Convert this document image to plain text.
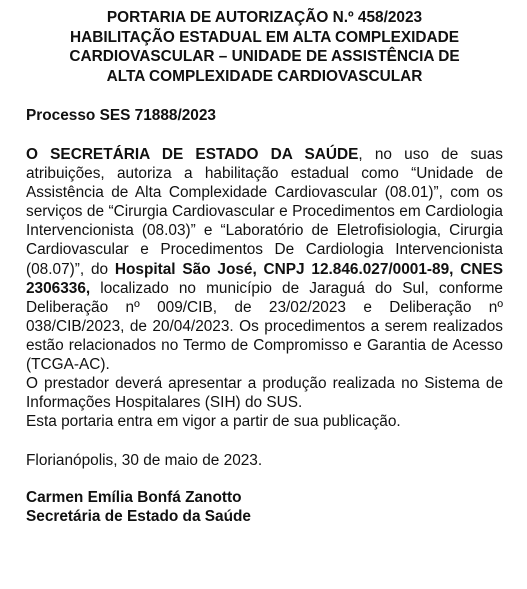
PORTARIA DE AUTORIZAÇÃO N.º 458/2023
HABILITAÇÃO ESTADUAL EM ALTA COMPLEXIDADE
CARDIOVASCULAR – UNIDADE DE ASSISTÊNCIA DE
ALTA COMPLEXIDADE CARDIOVASCULAR
Processo SES 71888/2023

O SECRETÁRIA DE ESTADO DA SAÚDE, no uso de suas atribuições, autoriza a habilitação estadual como “Unidade de Assistência de Alta Complexidade Cardiovascular (08.01)”, com os serviços de “Cirurgia Cardiovascular e Procedimentos em Cardiologia Intervencionista (08.03)” e “Laboratório de Eletrofisiologia, Cirurgia Cardiovascular e Procedimentos De Cardiologia Intervencionista (08.07)”, do Hospital São José, CNPJ 12.846.027/0001-89, CNES 2306336, localizado no município de Jaraguá do Sul, conforme Deliberação nº 009/CIB, de 23/02/2023 e Deliberação nº 038/CIB/2023, de 20/04/2023. Os procedimentos a serem realizados estão relacionados no Termo de Compromisso e Garantia de Acesso (TCGA-AC).

O prestador deverá apresentar a produção realizada no Sistema de Informações Hospitalares (SIH) do SUS.

Esta portaria entra em vigor a partir de sua publicação.

Florianópolis, 30 de maio de 2023.
Carmen Emília Bonfá Zanotto
Secretária de Estado da Saúde
